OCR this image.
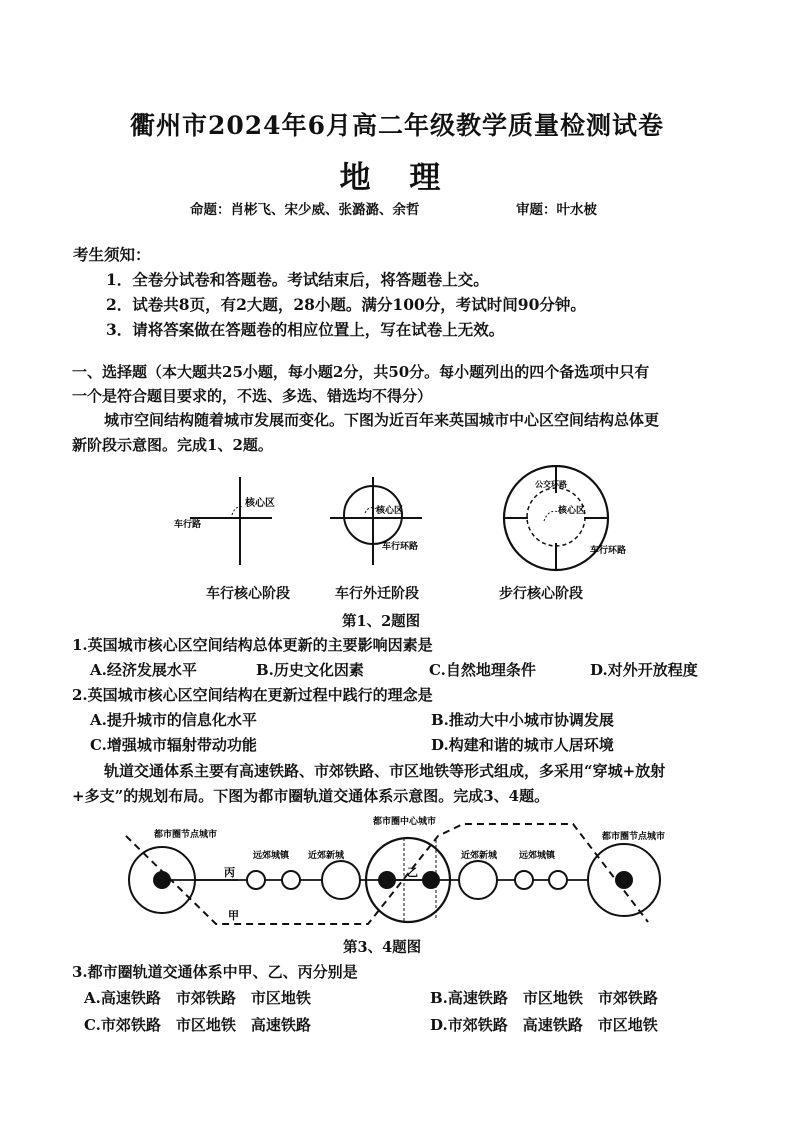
衢州市2024年6月高二年级教学质量检测试卷
地 理
命题：肖彬飞、宋少威、张潞潞、余哲	审题：叶水柀
考生须知：
1．全卷分试卷和答题卷。考试结束后，将答题卷上交。
2．试卷共8页，有2大题，28小题。满分100分，考试时间90分钟。
3．请将答案做在答题卷的相应位置上，写在试卷上无效。
一、选择题（本大题共25小题，每小题2分，共50分。每小题列出的四个备选项中只有
一个是符合题目要求的，不选、多选、错选均不得分）
城市空间结构随着城市发展而变化。下图为近百年来英国城市中心区空间结构总体更
新阶段示意图。完成1、2题。
核心区
车行路
核心区
车行环路
公交环路
核心区
车行环路
车行核心阶段	车行外迁阶段	步行核心阶段
第1、2题图
1.英国城市核心区空间结构总体更新的主要影响因素是
A.经济发展水平	B.历史文化因素	C.自然地理条件	D.对外开放程度
2.英国城市核心区空间结构在更新过程中践行的理念是
A.提升城市的信息化水平	B.推动大中小城市协调发展
C.增强城市辐射带动功能	D.构建和谐的城市人居环境
轨道交通体系主要有高速铁路、市郊铁路、市区地铁等形式组成，多采用“穿城+放射
+多支”的规划布局。下图为都市圈轨道交通体系示意图。完成3、4题。
都市圈节点城市
都市圈中心城市
都市圈节点城市
远郊城镇 近郊新城	近郊新城 远郊城镇
丙	乙
甲
第3、4题图
3.都市圈轨道交通体系中甲、乙、丙分别是
A.高速铁路　市郊铁路　市区地铁	B.高速铁路　市区地铁　市郊铁路
C.市郊铁路　市区地铁　高速铁路	D.市郊铁路　高速铁路　市区地铁
